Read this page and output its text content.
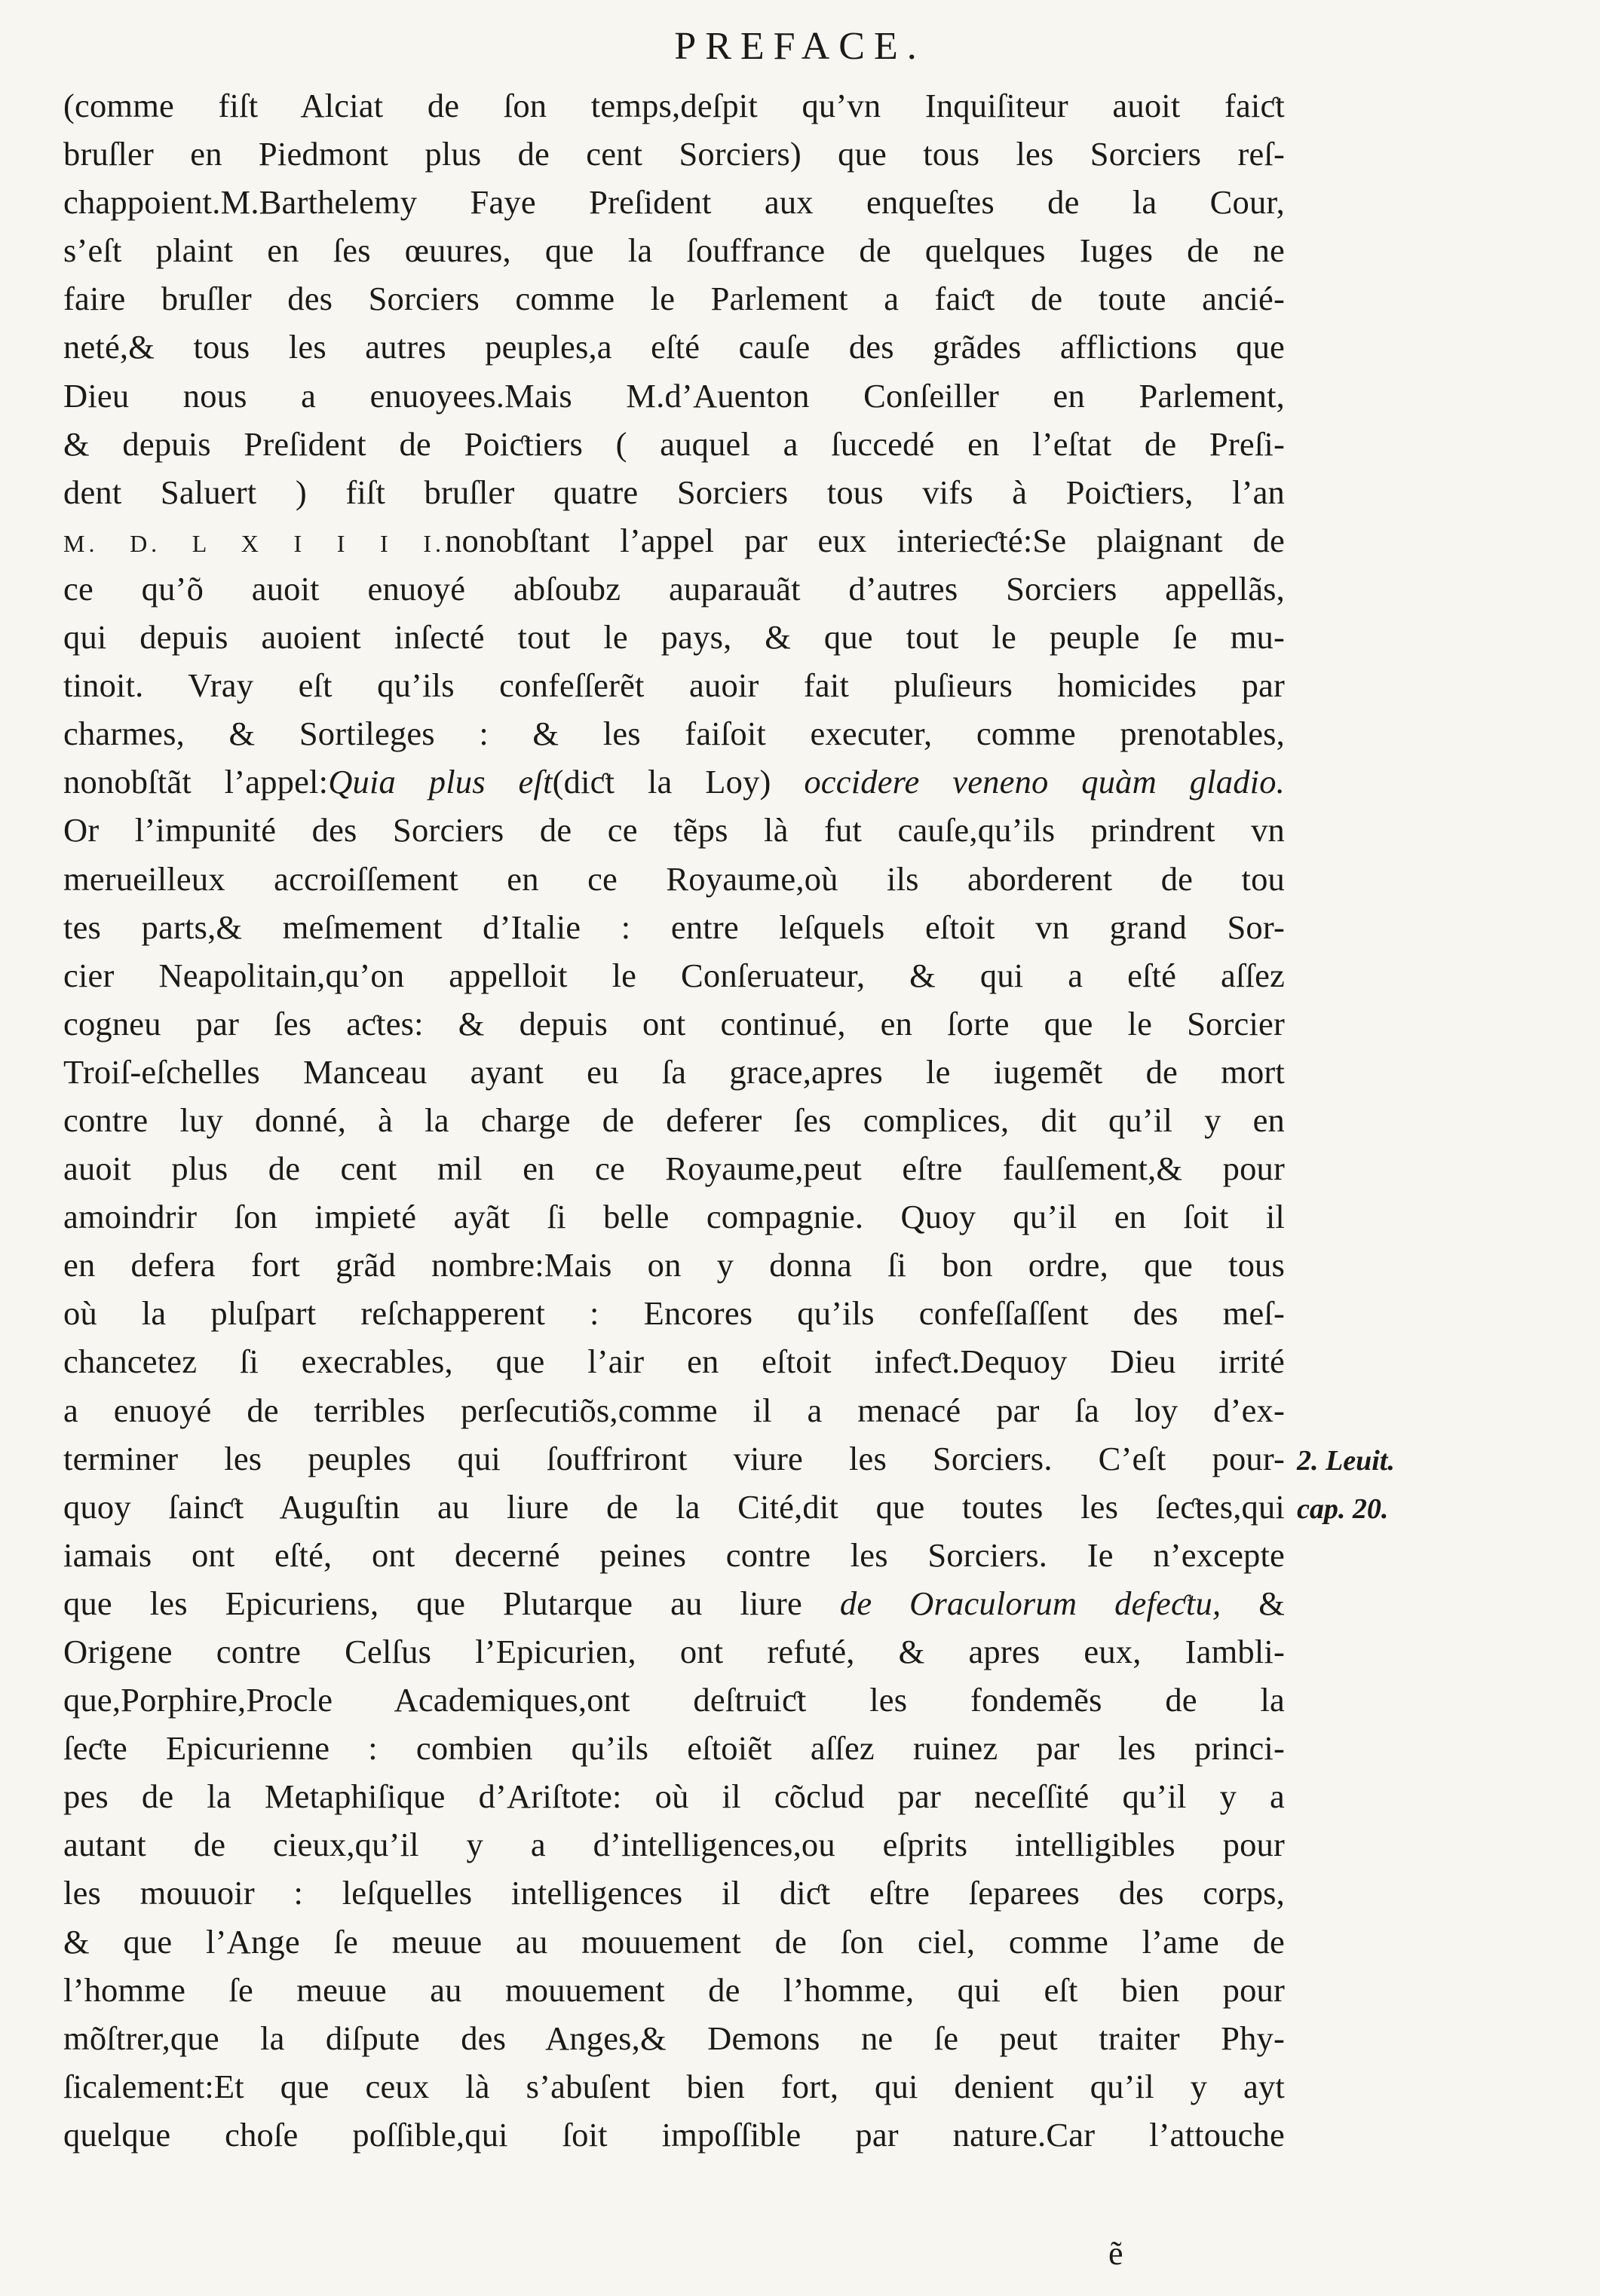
PREFACE.
(comme fiſt Alciat de ſon temps,deſpit qu’vn Inquiſiteur auoit faiƈt
bruſler en Piedmont plus de cent Sorciers) que tous les Sorciers reſ-
chappoient.M.Barthelemy Faye Preſident aux enqueſtes de la Cour,
s’eſt plaint en ſes œuures, que la ſouffrance de quelques Iuges de ne
faire bruſler des Sorciers comme le Parlement a faiƈt de toute ancié-
neté,& tous les autres peuples,a eſté cauſe des grãdes afflictions que
Dieu nous a enuoyees.Mais M.d’Auenton Conſeiller en Parlement,
& depuis Preſident de Poiƈtiers ( auquel a ſuccedé en l’eſtat de Preſi-
dent Saluert ) fiſt bruſler quatre Sorciers tous vifs à Poiƈtiers, l’an
M. D. L X I I I I.nonobſtant l’appel par eux interieƈté:Se plaignant de
ce qu’õ auoit enuoyé abſoubz auparauãt d’autres Sorciers appellãs,
qui depuis auoient inſecté tout le pays, & que tout le peuple ſe mu-
tinoit. Vray eſt qu’ils confeſſerẽt auoir fait pluſieurs homicides par
charmes, & Sortileges : & les faiſoit executer, comme prenotables,
nonobſtãt l’appel:Quia plus eſt(diƈt la Loy) occidere veneno quàm gladio.
Or l’impunité des Sorciers de ce tẽps là fut cauſe,qu’ils prindrent vn
merueilleux accroiſſement en ce Royaume,où ils aborderent de tou
tes parts,& meſmement d’Italie : entre leſquels eſtoit vn grand Sor-
cier Neapolitain,qu’on appelloit le Conſeruateur, & qui a eſté aſſez
cogneu par ſes aƈtes: & depuis ont continué, en ſorte que le Sorcier
Troiſ-eſchelles Manceau ayant eu ſa grace,apres le iugemẽt de mort
contre luy donné, à la charge de deferer ſes complices, dit qu’il y en
auoit plus de cent mil en ce Royaume,peut eſtre faulſement,& pour
amoindrir ſon impieté ayãt ſi belle compagnie. Quoy qu’il en ſoit il
en defera fort grãd nombre:Mais on y donna ſi bon ordre, que tous
où la pluſpart reſchapperent : Encores qu’ils confeſſaſſent des meſ-
chancetez ſi execrables, que l’air en eſtoit infeƈt.Dequoy Dieu irrité
a enuoyé de terribles perſecutiõs,comme il a menacé par ſa loy d’ex-
terminer les peuples qui ſouffriront viure les Sorciers. C’eſt pour-
quoy ſainƈt Auguſtin au liure de la Cité,dit que toutes les ſeƈtes,qui
iamais ont eſté, ont decerné peines contre les Sorciers. Ie n’excepte
que les Epicuriens, que Plutarque au liure de Oraculorum defeƈtu, &
Origene contre Celſus l’Epicurien, ont refuté, & apres eux, Iambli-
que,Porphire,Procle Academiques,ont deſtruiƈt les fondemẽs de la
ſeƈte Epicurienne : combien qu’ils eſtoiẽt aſſez ruinez par les princi-
pes de la Metaphiſique d’Ariſtote: où il cõclud par neceſſité qu’il y a
autant de cieux,qu’il y a d’intelligences,ou eſprits intelligibles pour
les mouuoir : leſquelles intelligences il diƈt eſtre ſeparees des corps,
& que l’Ange ſe meuue au mouuement de ſon ciel, comme l’ame de
l’homme ſe meuue au mouuement de l’homme, qui eſt bien pour
mõſtrer,que la diſpute des Anges,& Demons ne ſe peut traiter Phy-
ſicalement:Et que ceux là s’abuſent bien fort, qui denient qu’il y ayt
quelque choſe poſſible,qui ſoit impoſſible par nature.Car l’attouche
2. Leuit.
cap. 20.
ẽ
